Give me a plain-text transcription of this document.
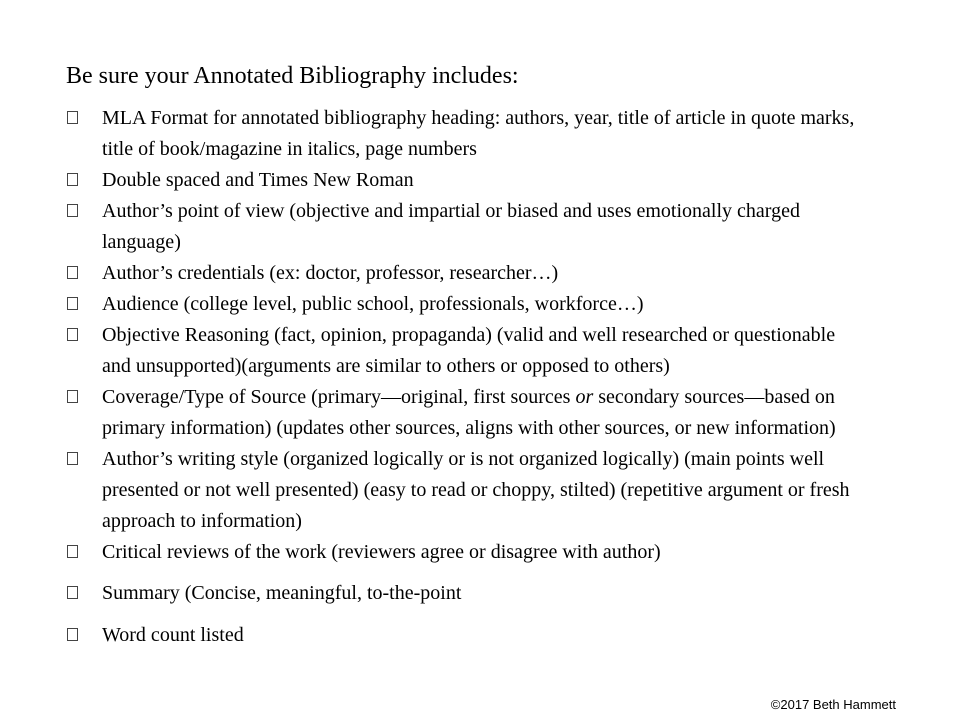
Be sure your Annotated Bibliography includes:
MLA Format for annotated bibliography heading: authors, year, title of article in quote marks, title of book/magazine in italics, page numbers
Double spaced and Times New Roman
Author’s point of view (objective and impartial or biased and uses emotionally charged language)
Author’s credentials (ex: doctor, professor, researcher…)
Audience (college level, public school, professionals, workforce…)
Objective Reasoning (fact, opinion, propaganda) (valid and well researched or questionable and unsupported)(arguments are similar to others or opposed to others)
Coverage/Type of Source (primary—original, first sources or secondary sources—based on primary information) (updates other sources, aligns with other sources, or new information)
Author’s writing style (organized logically or is not organized logically) (main points well presented or not well presented) (easy to read or choppy, stilted) (repetitive argument or fresh approach to information)
Critical reviews of the work (reviewers agree or disagree with author)
Summary (Concise, meaningful, to-the-point
Word count listed
©2017 Beth Hammett
